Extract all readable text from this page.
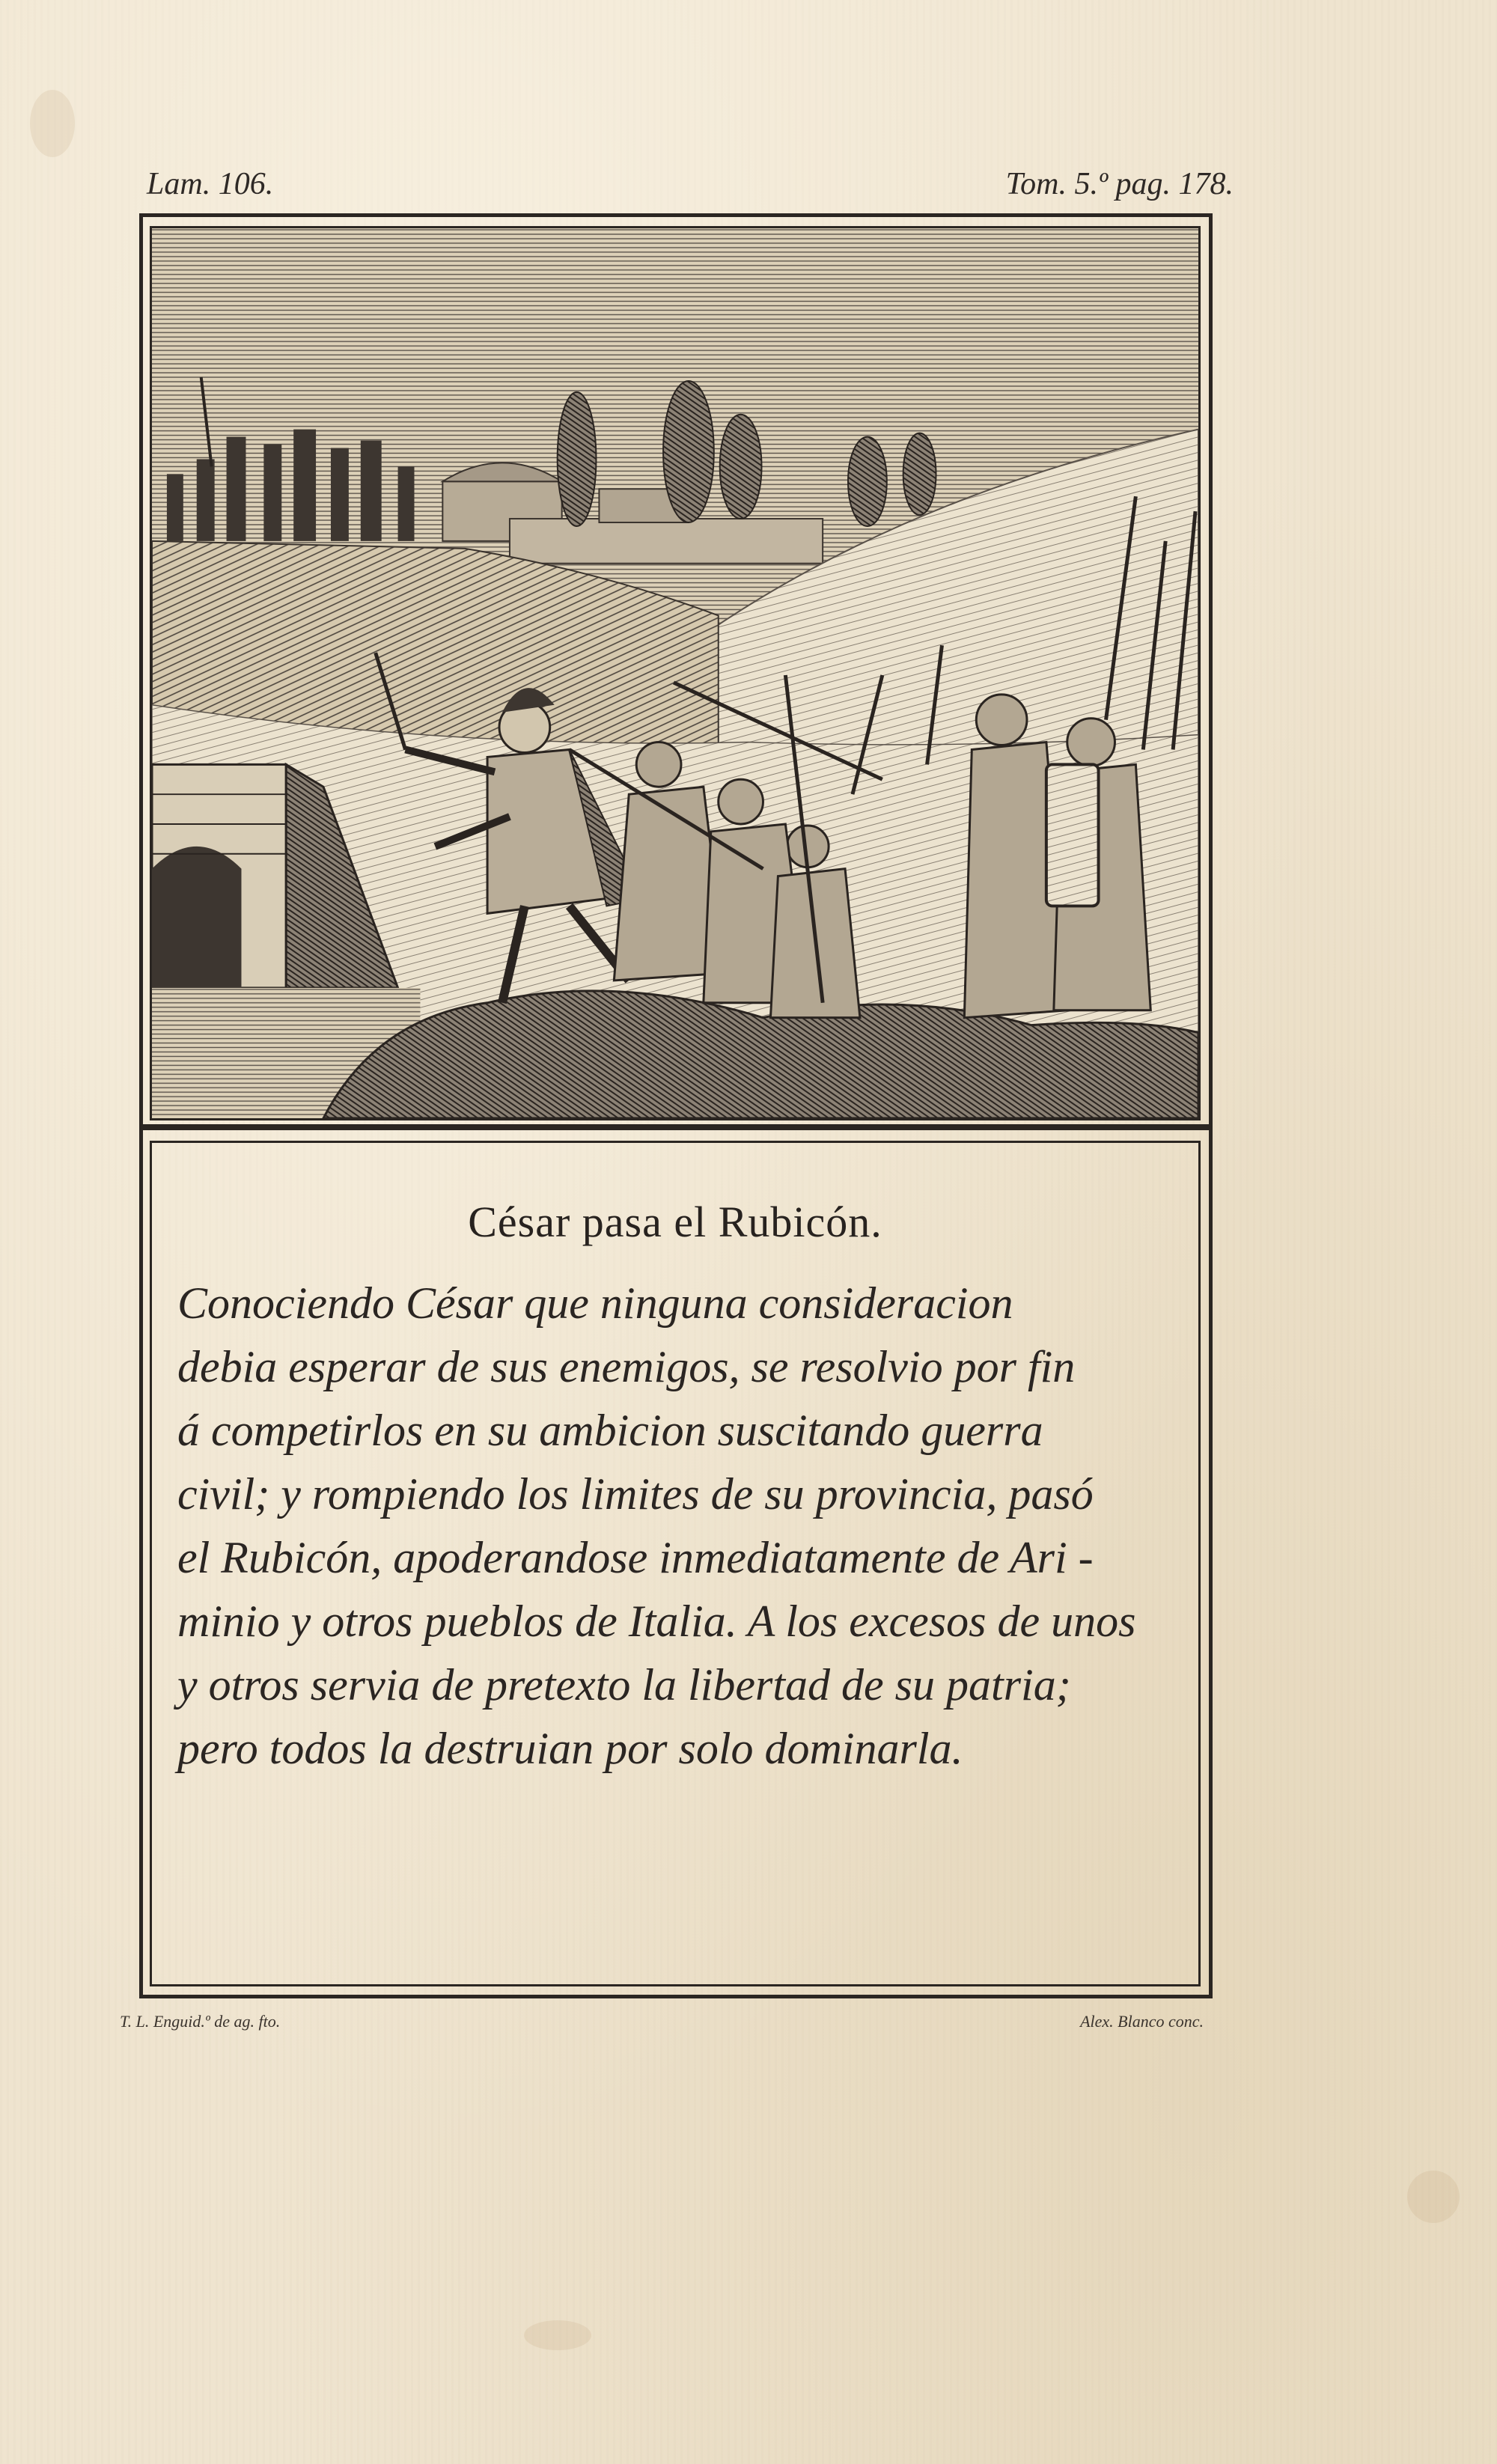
Lam. 106.	Tom. 5.º pag. 178.
César pasa el Rubicón.
Conociendo César que ninguna consideracion
debia esperar de sus enemigos, se resolvio por fin
á competirlos en su ambicion suscitando guerra
civil; y rompiendo los limites de su provincia, pasó
el Rubicón, apoderandose inmediatamente de Ari -
minio y otros pueblos de Italia. A los excesos de unos
y otros servia de pretexto la libertad de su patria;
pero todos la destruian por solo dominarla.
T. L. Enguid.º de ag. fto.	Alex. Blanco conc.
